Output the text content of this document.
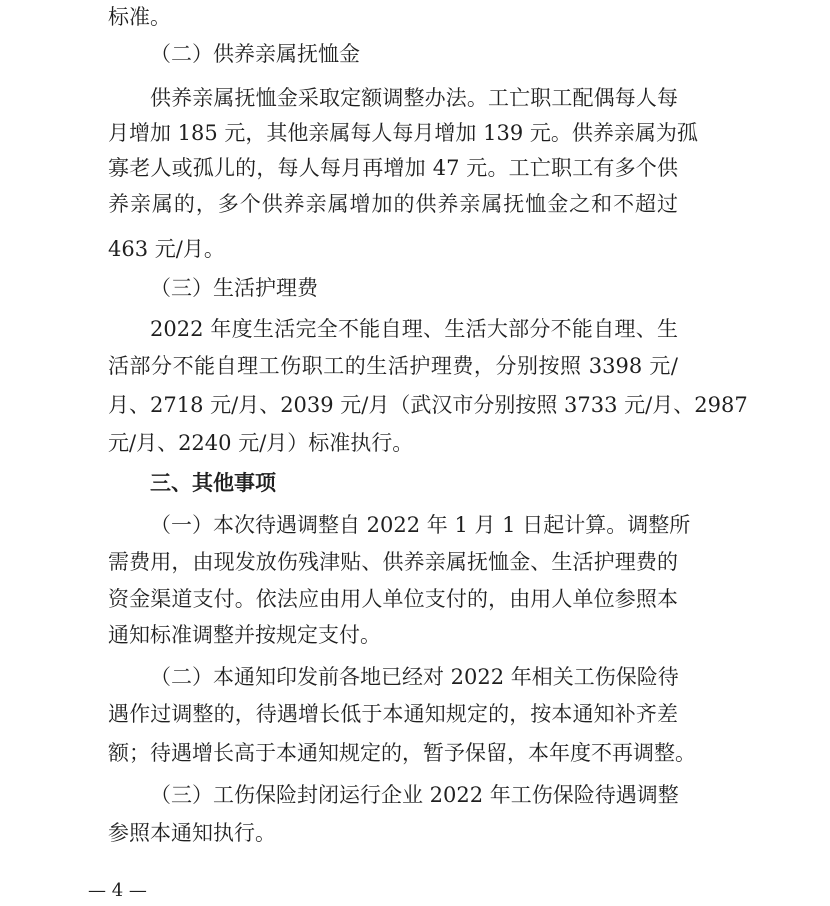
标准。
（二）供养亲属抚恤金
供养亲属抚恤金采取定额调整办法。工亡职工配偶每人每
月增加 185 元，其他亲属每人每月增加 139 元。供养亲属为孤
寡老人或孤儿的，每人每月再增加 47 元。工亡职工有多个供
养亲属的，多个供养亲属增加的供养亲属抚恤金之和不超过
463 元/月。
（三）生活护理费
2022 年度生活完全不能自理、生活大部分不能自理、生
活部分不能自理工伤职工的生活护理费，分别按照 3398 元/
月、2718 元/月、2039 元/月（武汉市分别按照 3733 元/月、2987
元/月、2240 元/月）标准执行。
三、其他事项
（一）本次待遇调整自 2022 年 1 月 1 日起计算。调整所
需费用，由现发放伤残津贴、供养亲属抚恤金、生活护理费的
资金渠道支付。依法应由用人单位支付的，由用人单位参照本
通知标准调整并按规定支付。
（二）本通知印发前各地已经对 2022 年相关工伤保险待
遇作过调整的，待遇增长低于本通知规定的，按本通知补齐差
额；待遇增长高于本通知规定的，暂予保留，本年度不再调整。
（三）工伤保险封闭运行企业 2022 年工伤保险待遇调整
参照本通知执行。
— 4 —
